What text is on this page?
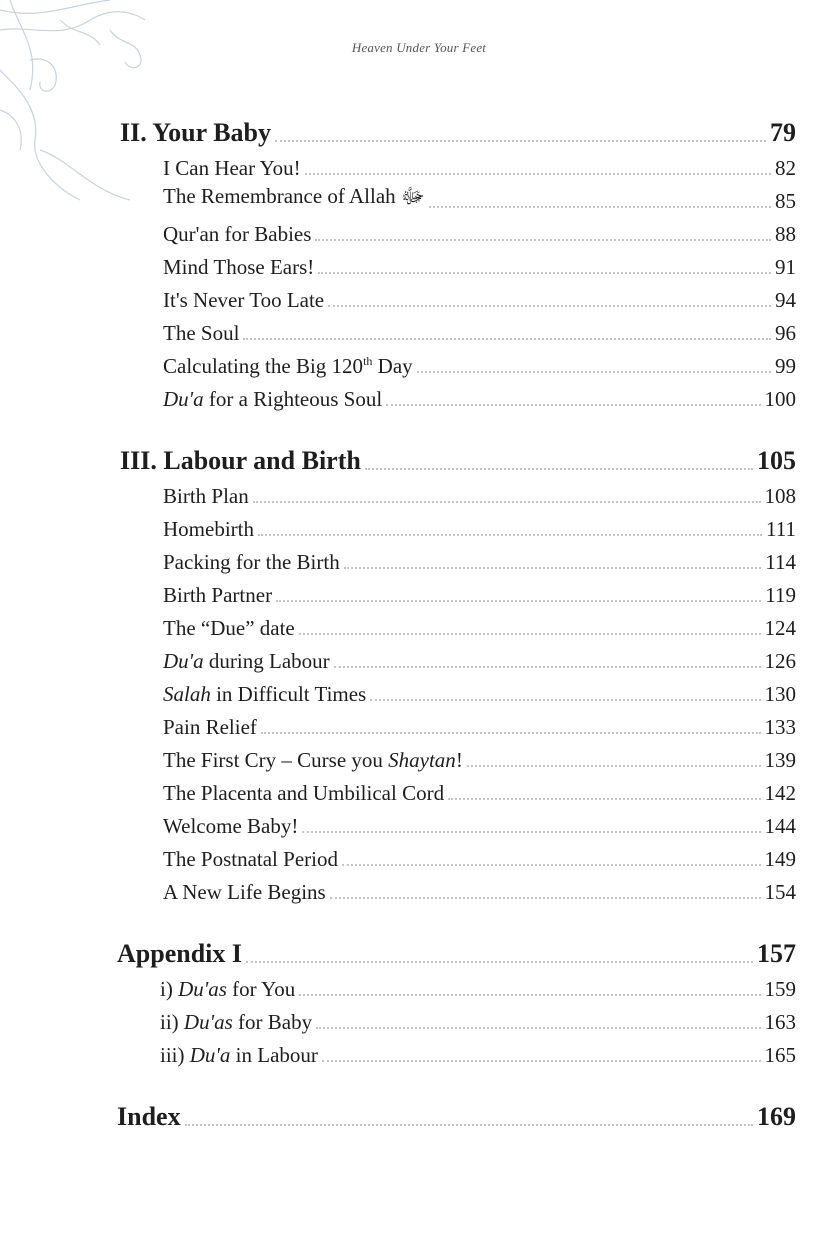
Heaven Under Your Feet
II. Your Baby	79
I Can Hear You!	82
The Remembrance of Allah ﷻ	85
Qur'an for Babies	88
Mind Those Ears!	91
It's Never Too Late	94
The Soul	96
Calculating the Big 120th Day	99
Du'a for a Righteous Soul	100
III. Labour and Birth	105
Birth Plan	108
Homebirth	111
Packing for the Birth	114
Birth Partner	119
The “Due” date	124
Du'a during Labour	126
Salah in Difficult Times	130
Pain Relief	133
The First Cry – Curse you Shaytan!	139
The Placenta and Umbilical Cord	142
Welcome Baby!	144
The Postnatal Period	149
A New Life Begins	154
Appendix I	157
i) Du'as for You	159
ii) Du'as for Baby	163
iii) Du'a in Labour	165
Index	169
